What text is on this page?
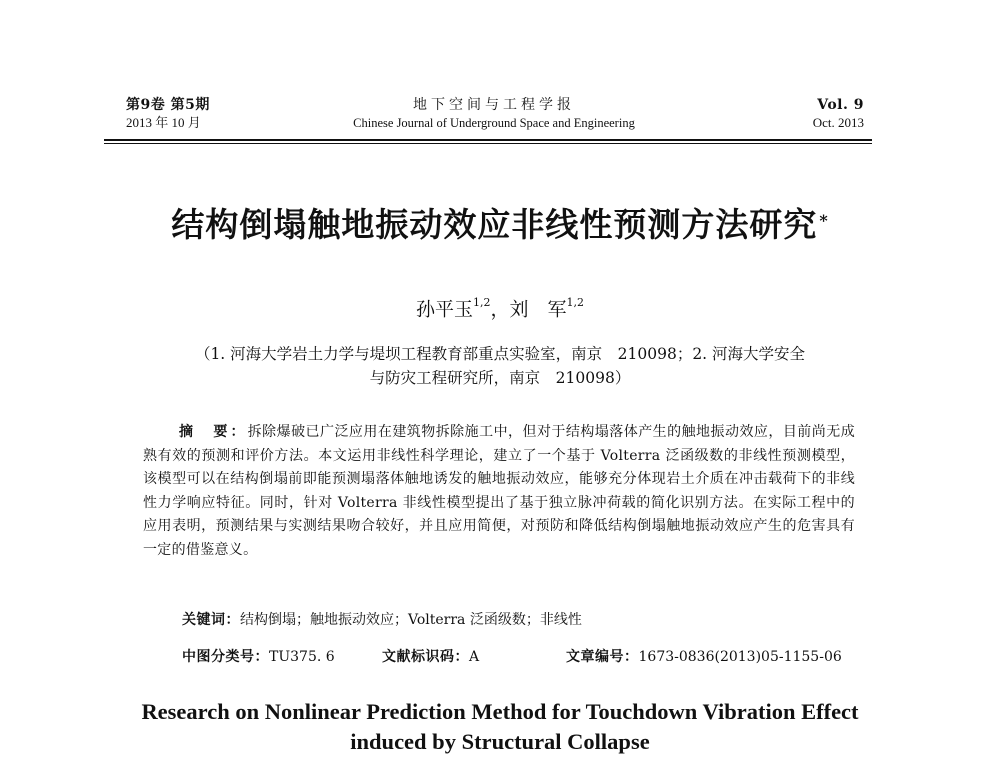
第9卷 第5期
2013 年 10 月
地下空间与工程学报
Chinese Journal of Underground Space and Engineering
Vol. 9
Oct. 2013
结构倒塌触地振动效应非线性预测方法研究 *
孙平玉$^{1,2}$，刘　军$^{1,2}$
（1. 河海大学岩土力学与堤坝工程教育部重点实验室，南京　210098；2. 河海大学安全
与防灾工程研究所，南京　210098）
摘　要：拆除爆破已广泛应用在建筑物拆除施工中，但对于结构塌落体产生的触地振动效应，目前尚无成熟有效的预测和评价方法。本文运用非线性科学理论，建立了一个基于 Volterra 泛函级数的非线性预测模型，该模型可以在结构倒塌前即能预测塌落体触地诱发的触地振动效应，能够充分体现岩土介质在冲击载荷下的非线性力学响应特征。同时，针对 Volterra 非线性模型提出了基于独立脉冲荷载的简化识别方法。在实际工程中的应用表明，预测结果与实测结果吻合较好，并且应用简便，对预防和降低结构倒塌触地振动效应产生的危害具有一定的借鉴意义。
关键词：结构倒塌；触地振动效应；Volterra 泛函级数；非线性
中图分类号：TU375. 6	文献标识码：A	文章编号：1673-0836(2013)05-1155-06
Research on Nonlinear Prediction Method for Touchdown Vibration Effect
induced by Structural Collapse
